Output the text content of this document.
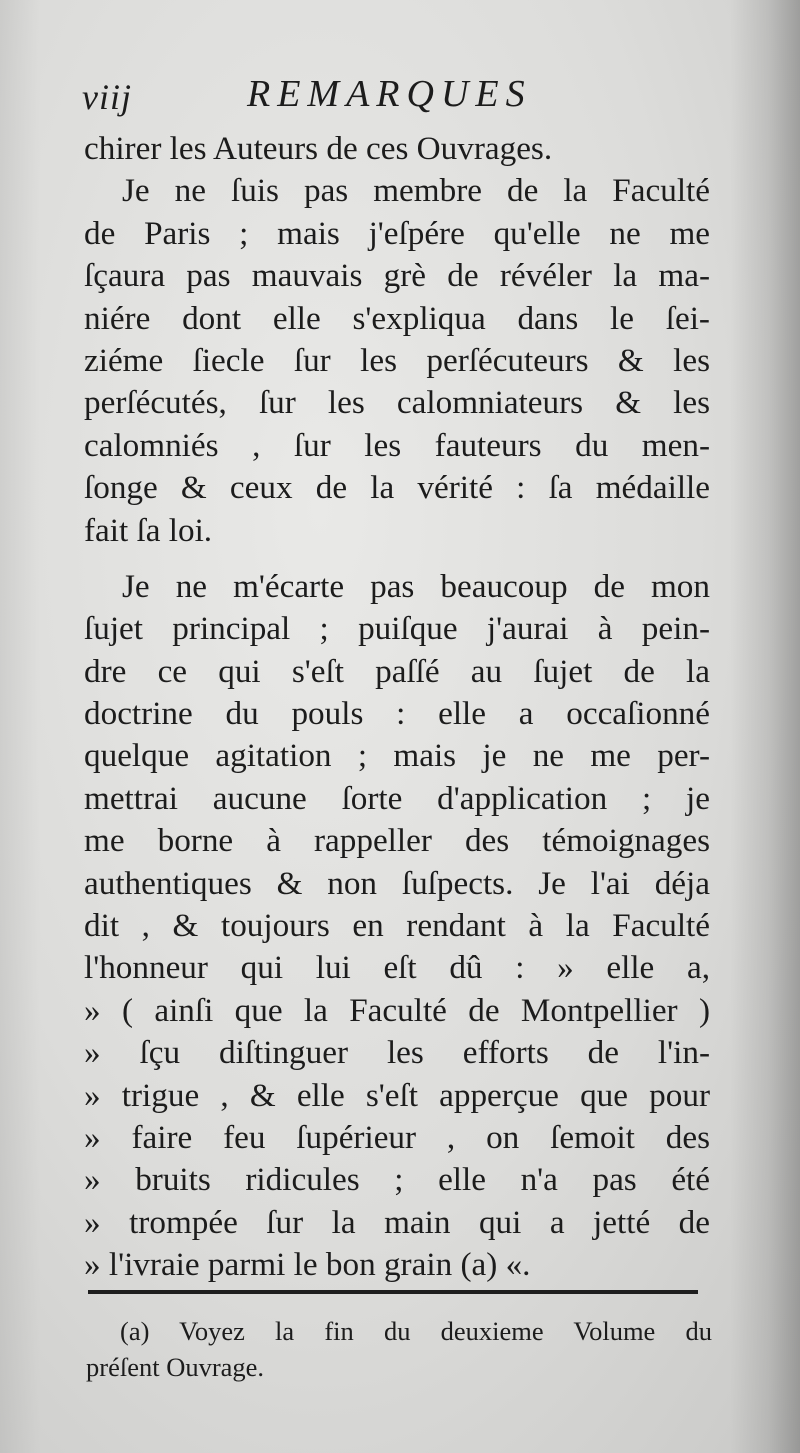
viij	REMARQUES
chirer les Auteurs de ces Ouvrages.
Je ne ſuis pas membre de la Faculté
de Paris ; mais j'eſpére qu'elle ne me
ſçaura pas mauvais grè de révéler la ma-
niére dont elle s'expliqua dans le ſei-
ziéme ſiecle ſur les perſécuteurs & les
perſécutés, ſur les calomniateurs & les
calomniés , ſur les fauteurs du men-
ſonge & ceux de la vérité : ſa médaille
fait ſa loi.
Je ne m'écarte pas beaucoup de mon
ſujet principal ; puiſque j'aurai à pein-
dre ce qui s'eſt paſſé au ſujet de la
doctrine du pouls : elle a occaſionné
quelque agitation ; mais je ne me per-
mettrai aucune ſorte d'application ; je
me borne à rappeller des témoignages
authentiques & non ſuſpects. Je l'ai déja
dit , & toujours en rendant à la Faculté
l'honneur qui lui eſt dû : » elle a,
» ( ainſi que la Faculté de Montpellier )
» ſçu diſtinguer les efforts de l'in-
» trigue , & elle s'eſt apperçue que pour
» faire feu ſupérieur , on ſemoit des
» bruits ridicules ; elle n'a pas été
» trompée ſur la main qui a jetté de
» l'ivraie parmi le bon grain (a) «.
(a) Voyez la fin du deuxieme Volume du
préſent Ouvrage.
